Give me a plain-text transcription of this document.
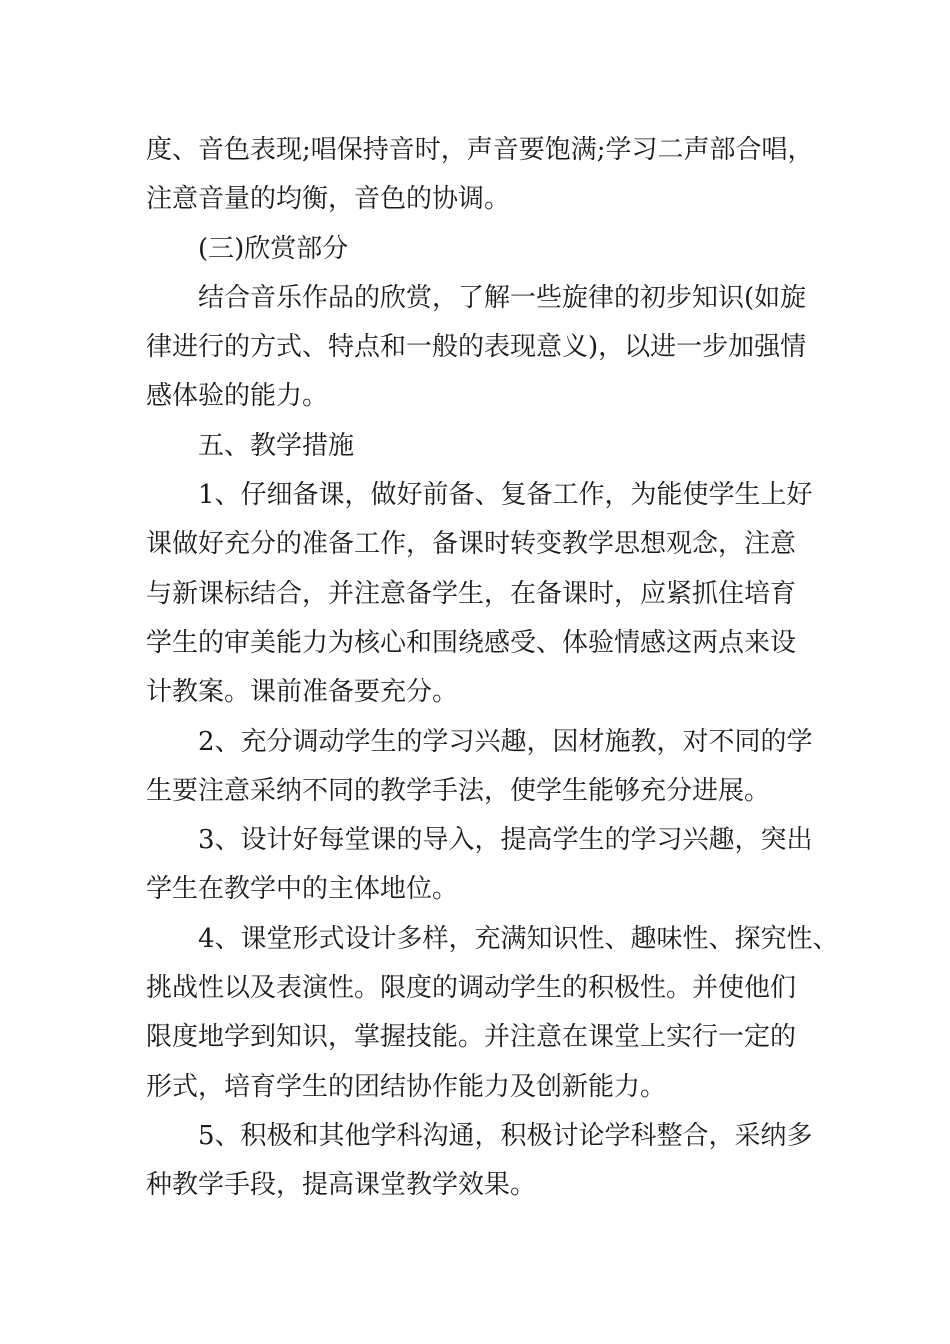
度、音色表现;唱保持音时，声音要饱满;学习二声部合唱，
注意音量的均衡，音色的协调。
(三)欣赏部分
结合音乐作品的欣赏，了解一些旋律的初步知识(如旋
律进行的方式、特点和一般的表现意义)，以进一步加强情
感体验的能力。
五、教学措施
1、仔细备课，做好前备、复备工作，为能使学生上好
课做好充分的准备工作，备课时转变教学思想观念，注意
与新课标结合，并注意备学生，在备课时，应紧抓住培育
学生的审美能力为核心和围绕感受、体验情感这两点来设
计教案。课前准备要充分。
2、充分调动学生的学习兴趣，因材施教，对不同的学
生要注意采纳不同的教学手法，使学生能够充分进展。
3、设计好每堂课的导入，提高学生的学习兴趣，突出
学生在教学中的主体地位。
4、课堂形式设计多样，充满知识性、趣味性、探究性、
挑战性以及表演性。限度的调动学生的积极性。并使他们
限度地学到知识，掌握技能。并注意在课堂上实行一定的
形式，培育学生的团结协作能力及创新能力。
5、积极和其他学科沟通，积极讨论学科整合，采纳多
种教学手段，提高课堂教学效果。
